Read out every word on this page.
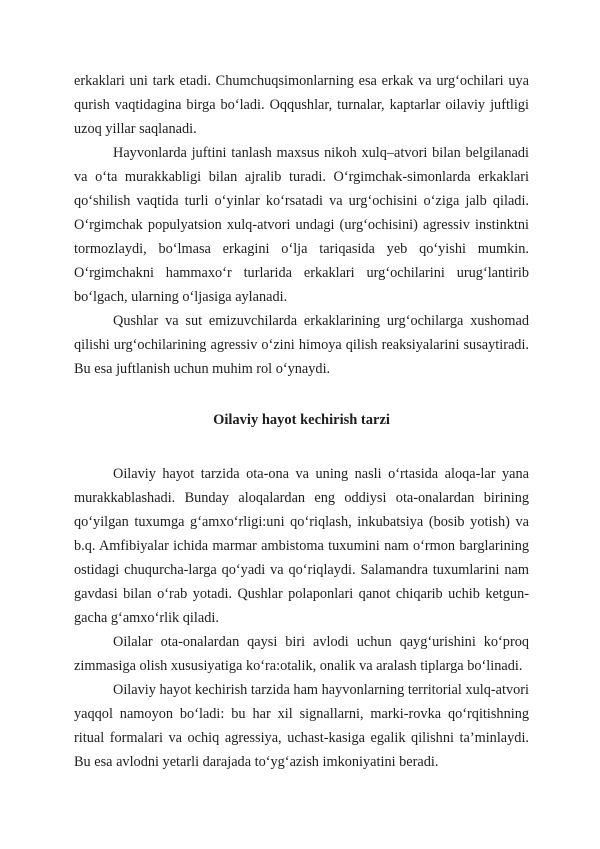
erkaklari uni tark etadi. Chumchuqsimonlarning esa erkak va urg‘ochilari uya qurish vaqtidagina birga bo‘ladi. Oqqushlar, turnalar, kaptarlar oilaviy juftligi uzoq yillar saqlanadi.

Hayvonlarda juftini tanlash maxsus nikoh xulq–atvori bilan belgilanadi va o‘ta murakkabligi bilan ajralib turadi. O‘rgimchak-simonlarda erkaklari qo‘shilish vaqtida turli o‘yinlar ko‘rsatadi va urg‘ochisini o‘ziga jalb qiladi. O‘rgimchak populyatsion xulq-atvori undagi (urg‘ochisini) agressiv instinktni tormozlaydi, bo‘lmasa erkagini o‘lja tariqasida yeb qo‘yishi mumkin. O‘rgimchakni hammaxo‘r turlarida erkaklari urg‘ochilarini urug‘lantirib bo‘lgach, ularning o‘ljasiga aylanadi.

Qushlar va sut emizuvchilarda erkaklarining urg‘ochilarga xushomad qilishi urg‘ochilarining agressiv o‘zini himoya qilish reaksiyalarini susaytiradi. Bu esa juftlanish uchun muhim rol o‘ynaydi.

Oilaviy hayot kechirish tarzi

Oilaviy hayot tarzida ota-ona va uning nasli o‘rtasida aloqa-lar yana murakkablashadi. Bunday aloqalardan eng oddiysi ota-onalardan birining qo‘yilgan tuxumga g‘amxo‘rligi:uni qo‘riqlash, inkubatsiya (bosib yotish) va b.q. Amfibiyalar ichida marmar ambistoma tuxumini nam o‘rmon barglarining ostidagi chuqurcha-larga qo‘yadi va qo‘riqlaydi. Salamandra tuxumlarini nam gavdasi bilan o‘rab yotadi. Qushlar polaponlari qanot chiqarib uchib ketgun-gacha g‘amxo‘rlik qiladi.

Oilalar ota-onalardan qaysi biri avlodi uchun qayg‘urishini ko‘proq zimmasiga olish xususiyatiga ko‘ra:otalik, onalik va aralash tiplarga bo‘linadi.

Oilaviy hayot kechirish tarzida ham hayvonlarning territorial xulq-atvori yaqqol namoyon bo‘ladi: bu har xil signallarni, marki-rovka qo‘rqitishning ritual formalari va ochiq agressiya, uchast-kasiga egalik qilishni ta’minlaydi. Bu esa avlodni yetarli darajada to‘yg‘azish imkoniyatini beradi.
